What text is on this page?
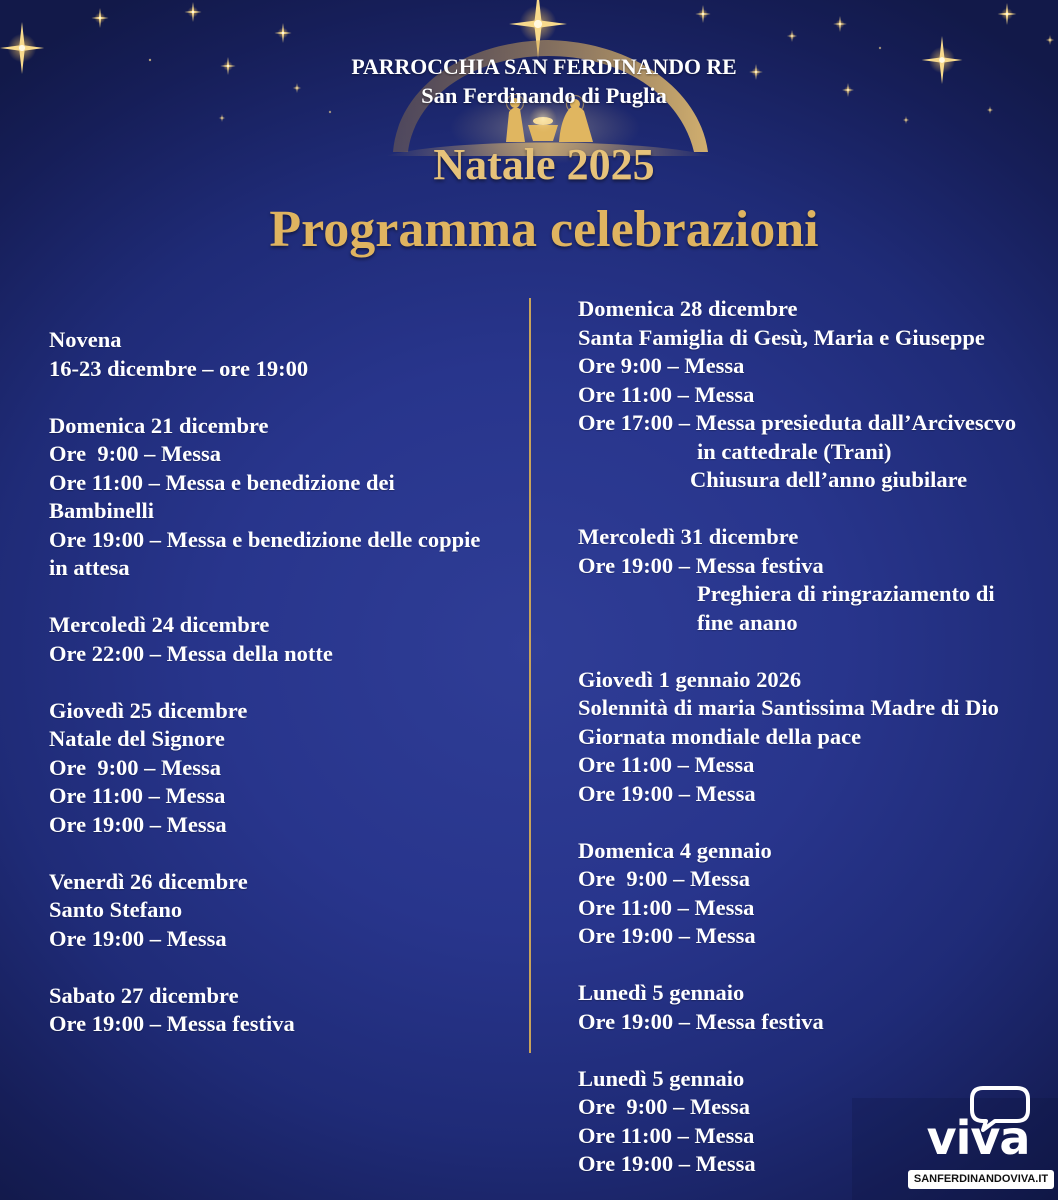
PARROCCHIA SAN FERDINANDO RE
San Ferdinando di Puglia
Natale 2025
Programma celebrazioni
Novena
16-23 dicembre – ore 19:00
Domenica 21 dicembre
Ore  9:00 – Messa
Ore 11:00 – Messa e benedizione dei
Bambinelli
Ore 19:00 – Messa e benedizione delle coppie
in attesa
Mercoledì 24 dicembre
Ore 22:00 – Messa della notte
Giovedì 25 dicembre
Natale del Signore
Ore  9:00 – Messa
Ore 11:00 – Messa
Ore 19:00 – Messa
Venerdì 26 dicembre
Santo Stefano
Ore 19:00 – Messa
Sabato 27 dicembre
Ore 19:00 – Messa festiva
Domenica 28 dicembre
Santa Famiglia di Gesù, Maria e Giuseppe
Ore 9:00 – Messa
Ore 11:00 – Messa
Ore 17:00 – Messa presieduta dall’Arcivescvo
in cattedrale (Trani)
Chiusura dell’anno giubilare
Mercoledì 31 dicembre
Ore 19:00 – Messa festiva
Preghiera di ringraziamento di
fine anano
Giovedì 1 gennaio 2026
Solennità di maria Santissima Madre di Dio
Giornata mondiale della pace
Ore 11:00 – Messa
Ore 19:00 – Messa
Domenica 4 gennaio
Ore  9:00 – Messa
Ore 11:00 – Messa
Ore 19:00 – Messa
Lunedì 5 gennaio
Ore 19:00 – Messa festiva
Lunedì 5 gennaio
Ore  9:00 – Messa
Ore 11:00 – Messa
Ore 19:00 – Messa	viva
SANFERDINANDOVIVA.IT
